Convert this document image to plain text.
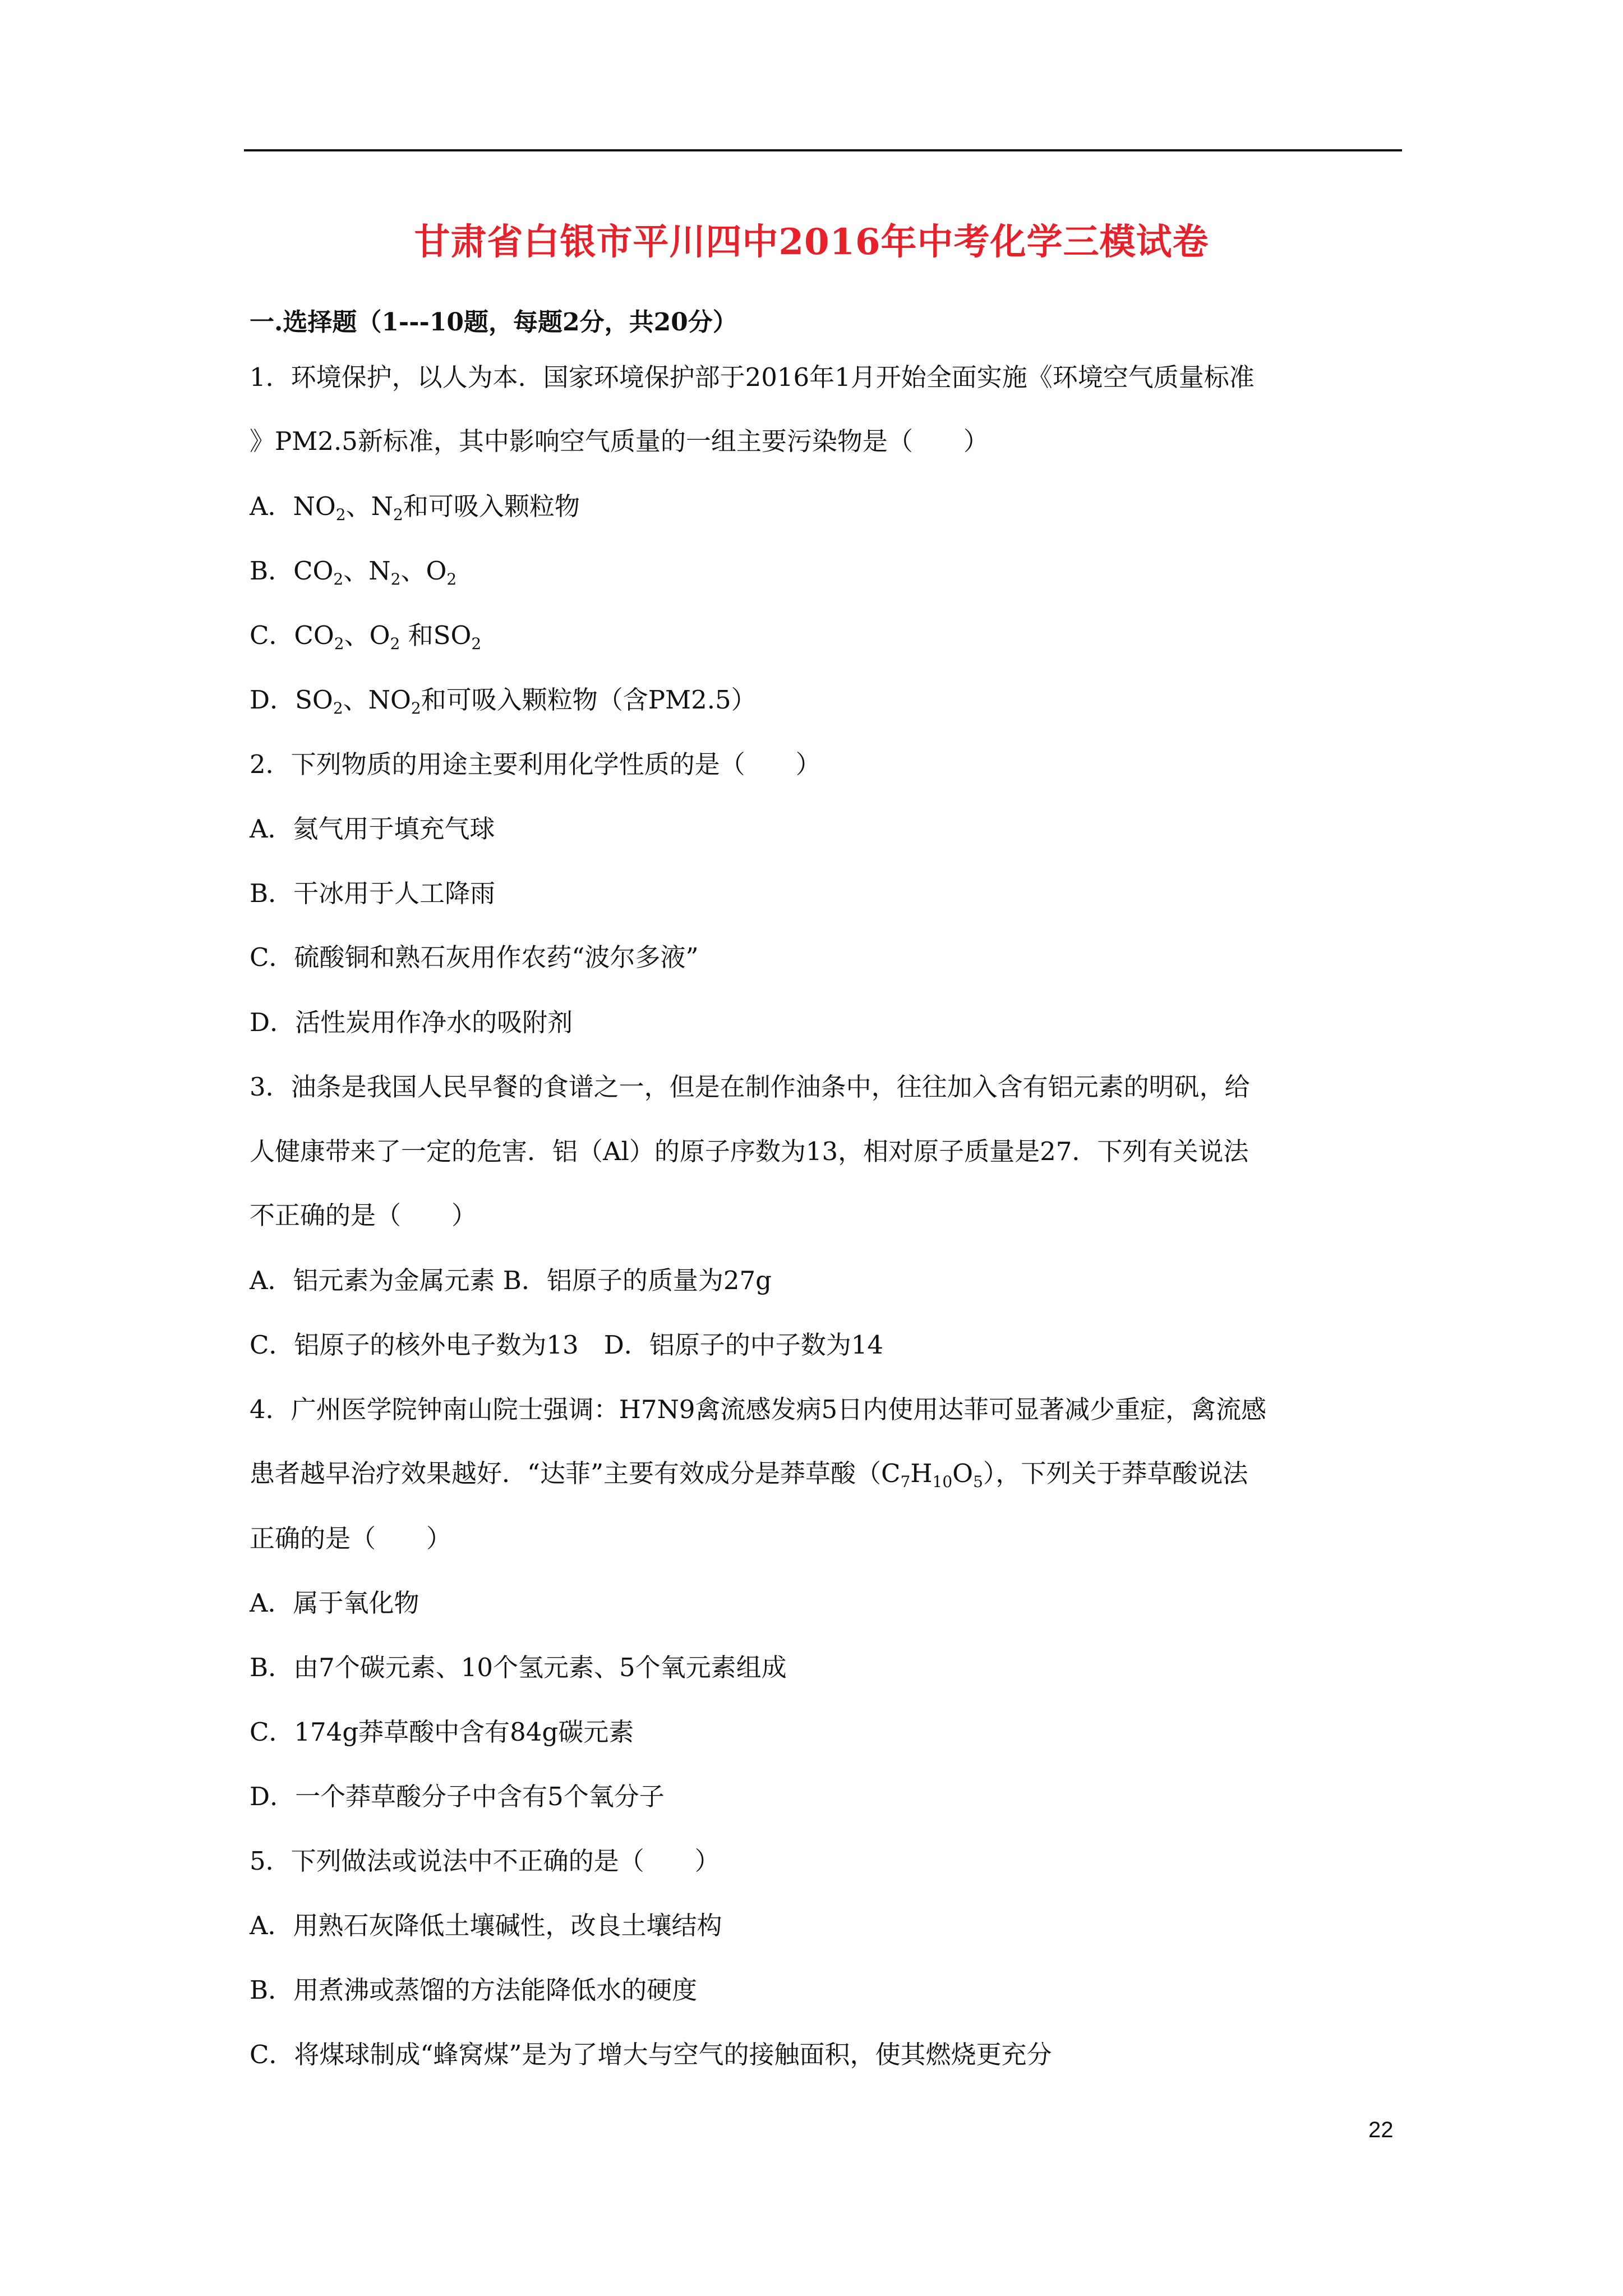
甘肃省白银市平川四中2016年中考化学三模试卷
一.选择题（1---10题，每题2分，共20分）
1．环境保护，以人为本．国家环境保护部于2016年1月开始全面实施《环境空气质量标准
》PM2.5新标准，其中影响空气质量的一组主要污染物是（　　）
A．$NO_2$、$N_2$和可吸入颗粒物
B．$CO_2$、$N_2$、$O_2$
C．$CO_2$、$O_2$ 和$SO_2$
D．$SO_2$、$NO_2$和可吸入颗粒物（含PM2.5）
2．下列物质的用途主要利用化学性质的是（　　）
A．氦气用于填充气球
B．干冰用于人工降雨
C．硫酸铜和熟石灰用作农药“波尔多液”
D．活性炭用作净水的吸附剂
3．油条是我国人民早餐的食谱之一，但是在制作油条中，往往加入含有铝元素的明矾，给
人健康带来了一定的危害．铝（Al）的原子序数为13，相对原子质量是27．下列有关说法
不正确的是（　　）
A．铝元素为金属元素 B．铝原子的质量为27g
C．铝原子的核外电子数为13　D．铝原子的中子数为14
4．广州医学院钟南山院士强调：H7N9禽流感发病5日内使用达菲可显著减少重症，禽流感
患者越早治疗效果越好．“达菲”主要有效成分是莽草酸$(C_7H_{10}O_5)$，下列关于莽草酸说法
正确的是（　　）
A．属于氧化物
B．由7个碳元素、10个氢元素、5个氧元素组成
C．174g莽草酸中含有84g碳元素
D．一个莽草酸分子中含有5个氧分子
5．下列做法或说法中不正确的是（　　）
A．用熟石灰降低土壤碱性，改良土壤结构
B．用煮沸或蒸馏的方法能降低水的硬度
C．将煤球制成“蜂窝煤”是为了增大与空气的接触面积，使其燃烧更充分
22
